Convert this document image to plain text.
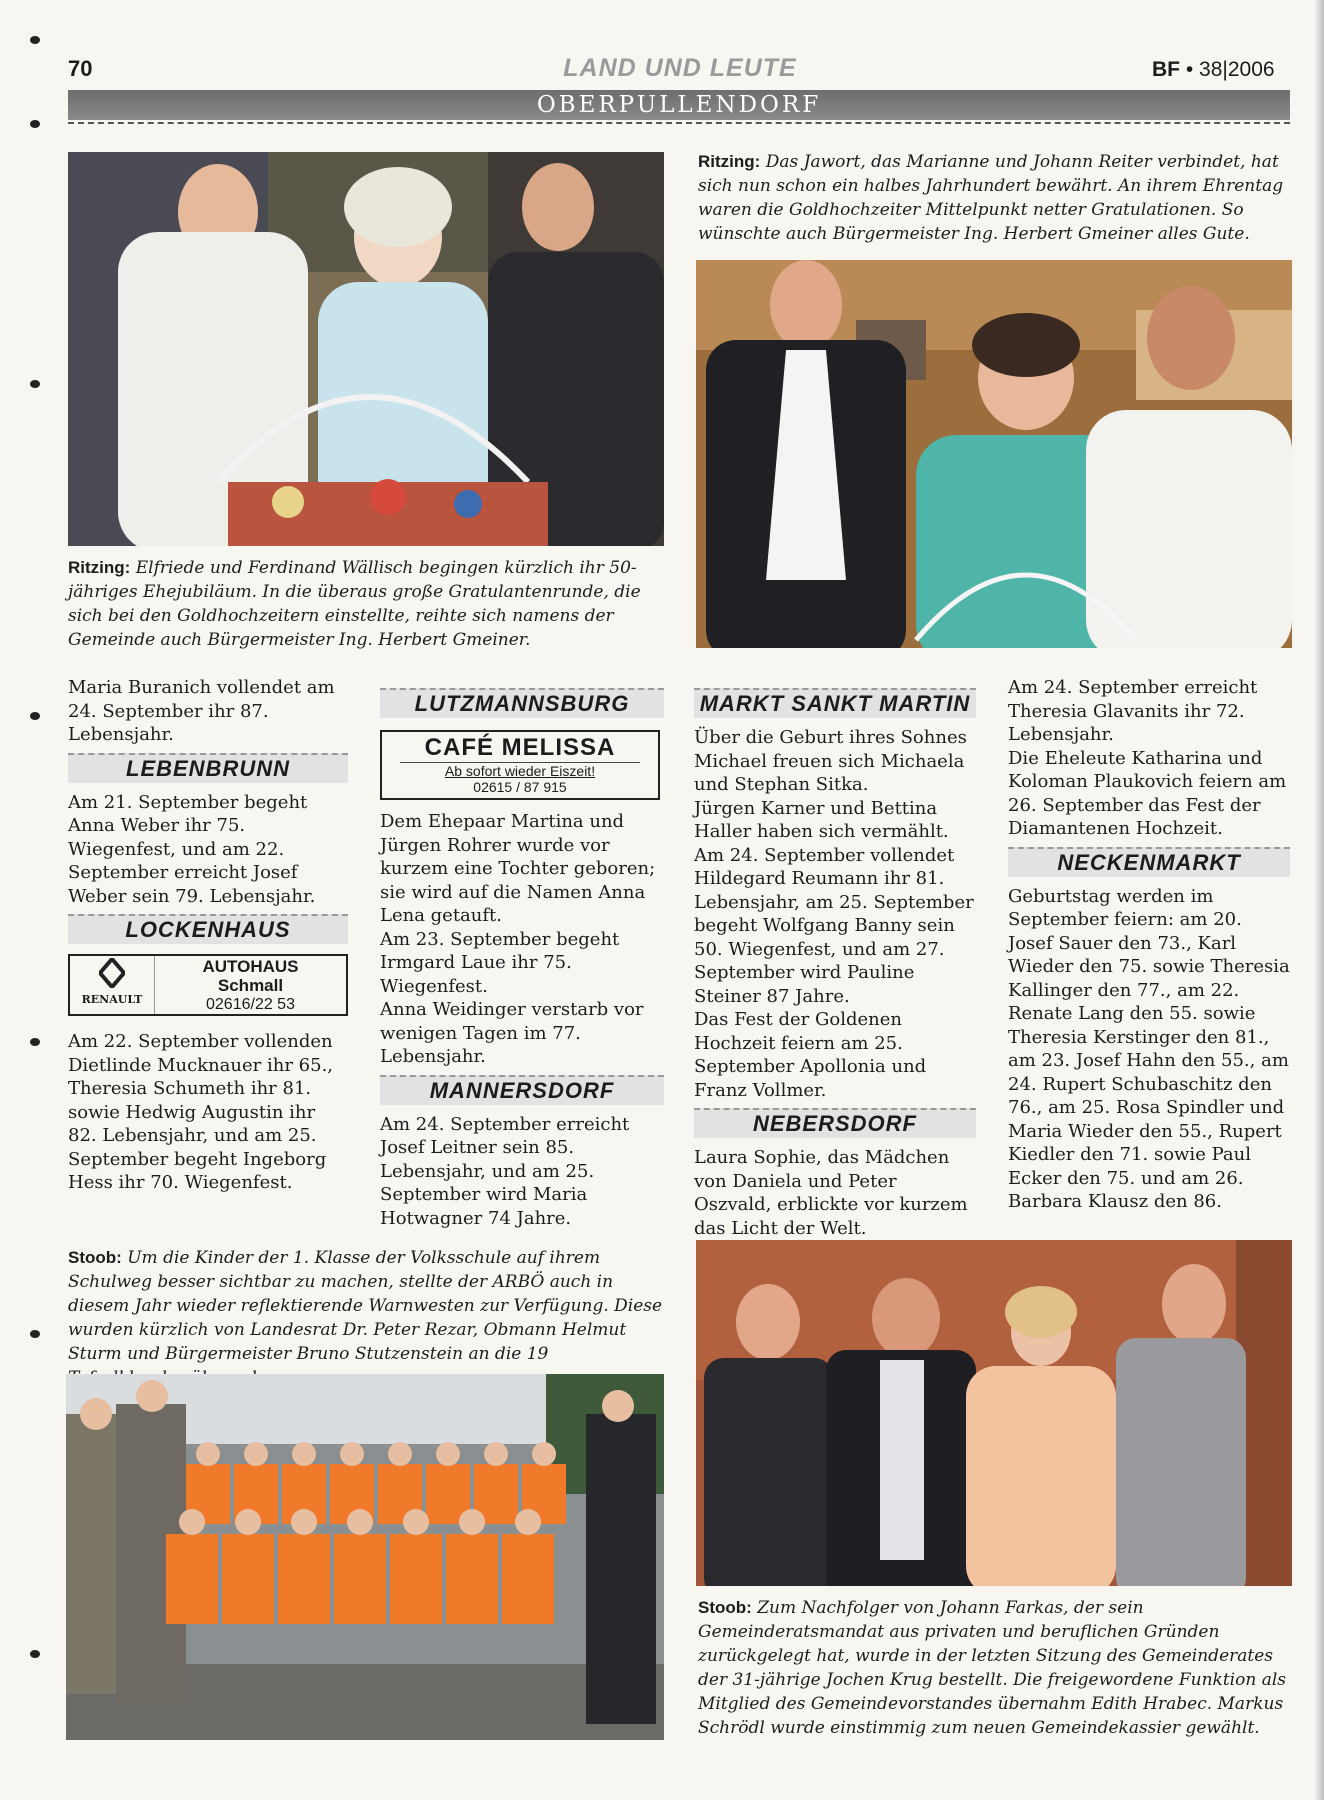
70	LAND UND LEUTE	BF • 38|2006
OBERPULLENDORF
Ritzing: Das Jawort, das Marianne und Johann Reiter verbindet, hat sich nun schon ein halbes Jahrhundert bewährt. An ihrem Ehrentag waren die Goldhochzeiter Mittelpunkt netter Gratulationen. So wünschte auch Bürgermeister Ing. Herbert Gmeiner alles Gute.
Ritzing: Elfriede und Ferdinand Wällisch begingen kürzlich ihr 50-jähriges Ehejubiläum. In die überaus große Gratulantenrunde, die sich bei den Goldhochzeitern einstellte, reihte sich namens der Gemeinde auch Bürgermeister Ing. Herbert Gmeiner.

Maria Buranich vollendet am 24. September ihr 87. Lebensjahr.

LEBENBRUNN

Am 21. September begeht Anna Weber ihr 75. Wiegenfest, und am 22. September erreicht Josef Weber sein 79. Lebensjahr.

LOCKENHAUS
RENAULT
AUTOHAUS
Schmall
02616/22 53

Am 22. September vollenden Dietlinde Mucknauer ihr 65., Theresia Schumeth ihr 81. sowie Hedwig Augustin ihr 82. Lebensjahr, und am 25. September begeht Ingeborg Hess ihr 70. Wiegenfest.

LUTZMANNSBURG
CAFÉ MELISSA
Ab sofort wieder Eiszeit!
02615 / 87 915

Dem Ehepaar Martina und Jürgen Rohrer wurde vor kurzem eine Tochter geboren; sie wird auf die Namen Anna Lena getauft.

Am 23. September begeht Irmgard Laue ihr 75. Wiegenfest.

Anna Weidinger verstarb vor wenigen Tagen im 77. Lebensjahr.

MANNERSDORF

Am 24. September erreicht Josef Leitner sein 85. Lebensjahr, und am 25. September wird Maria Hotwagner 74 Jahre.

MARKT SANKT MARTIN

Über die Geburt ihres Sohnes Michael freuen sich Michaela und Stephan Sitka.

Jürgen Karner und Bettina Haller haben sich vermählt.

Am 24. September vollendet Hildegard Reumann ihr 81. Lebensjahr, am 25. September begeht Wolfgang Banny sein 50. Wiegenfest, und am 27. September wird Pauline Steiner 87 Jahre.

Das Fest der Goldenen Hochzeit feiern am 25. September Apollonia und Franz Vollmer.

NEBERSDORF

Laura Sophie, das Mädchen von Daniela und Peter Oszvald, erblickte vor kurzem das Licht der Welt.

Am 24. September erreicht Theresia Glavanits ihr 72. Lebensjahr.

Die Eheleute Katharina und Koloman Plaukovich feiern am 26. September das Fest der Diamantenen Hochzeit.

NECKENMARKT

Geburtstag werden im September feiern: am 20. Josef Sauer den 73., Karl Wieder den 75. sowie Theresia Kallinger den 77., am 22. Renate Lang den 55. sowie Theresia Kerstinger den 81., am 23. Josef Hahn den 55., am 24. Rupert Schubaschitz den 76., am 25. Rosa Spindler und Maria Wieder den 55., Rupert Kiedler den 71. sowie Paul Ecker den 75. und am 26. Barbara Klausz den 86.

Stoob: Um die Kinder der 1. Klasse der Volksschule auf ihrem Schulweg besser sichtbar zu machen, stellte der ARBÖ auch in diesem Jahr wieder reflektierende Warnwesten zur Verfügung. Diese wurden kürzlich von Landesrat Dr. Peter Rezar, Obmann Helmut Sturm und Bürgermeister Bruno Stutzenstein an die 19
Stoob: Zum Nachfolger von Johann Farkas, der sein Gemeinderatsmandat aus privaten und beruflichen Gründen zurückgelegt hat, wurde in der letzten Sitzung des Gemeinderates der 31-jährige Jochen Krug bestellt. Die freigewordene Funktion als Mitglied des Gemeindevorstandes übernahm Edith Hrabec. Markus Schrödl wurde einstimmig zum neuen Gemeindekassier gewählt.
